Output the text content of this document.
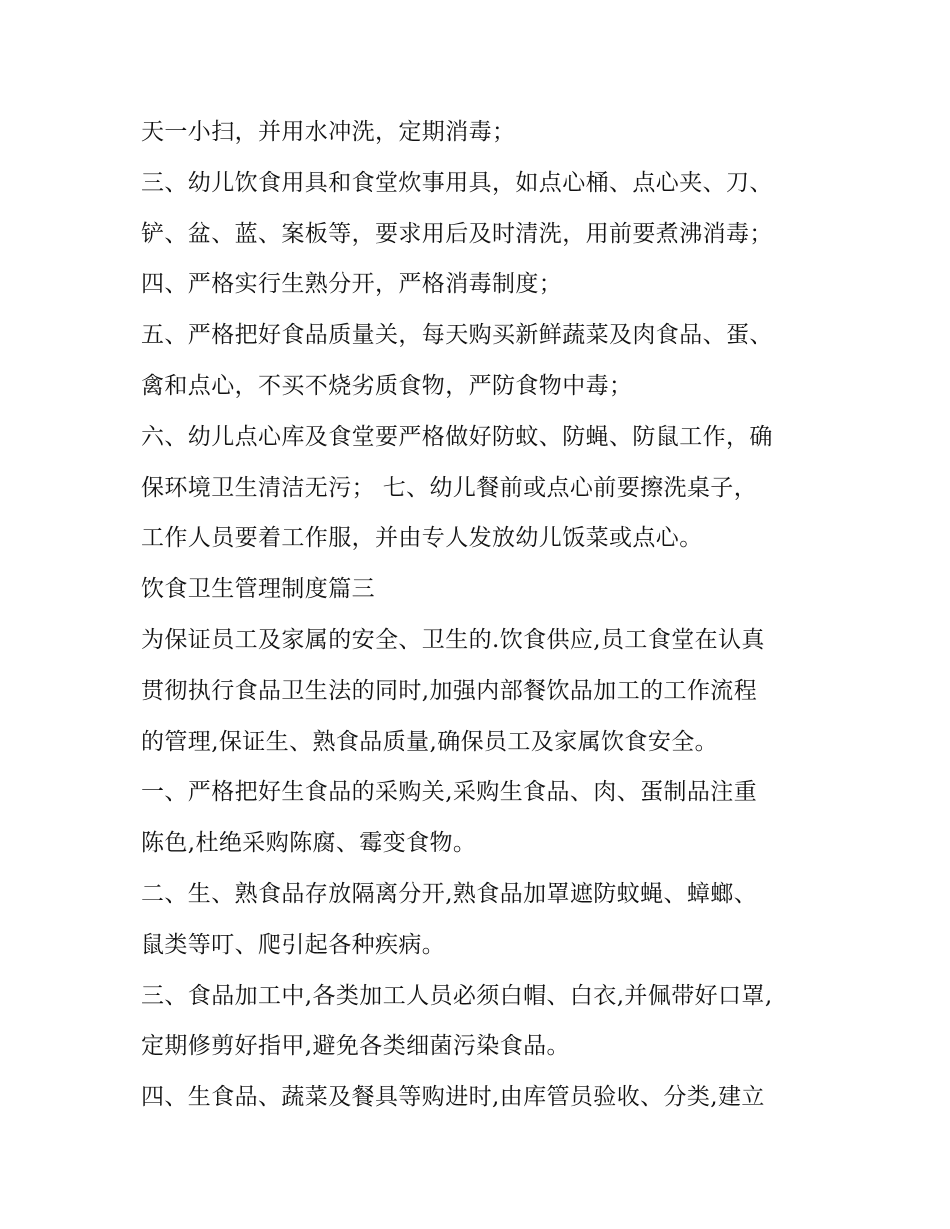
天一小扫，并用水冲洗，定期消毒；
三、幼儿饮食用具和食堂炊事用具，如点心桶、点心夹、刀、
铲、盆、蓝、案板等，要求用后及时清洗，用前要煮沸消毒；
四、严格实行生熟分开，严格消毒制度；
五、严格把好食品质量关，每天购买新鲜蔬菜及肉食品、蛋、
禽和点心，不买不烧劣质食物，严防食物中毒；
六、幼儿点心库及食堂要严格做好防蚊、防蝇、防鼠工作，确
保环境卫生清洁无污； 七、幼儿餐前或点心前要擦洗桌子，
工作人员要着工作服，并由专人发放幼儿饭菜或点心。
饮食卫生管理制度篇三
为保证员工及家属的安全、卫生的.饮食供应,员工食堂在认真
贯彻执行食品卫生法的同时,加强内部餐饮品加工的工作流程
的管理,保证生、熟食品质量,确保员工及家属饮食安全。
一、严格把好生食品的采购关,采购生食品、肉、蛋制品注重
陈色,杜绝采购陈腐、霉变食物。
二、生、熟食品存放隔离分开,熟食品加罩遮防蚊蝇、蟑螂、
鼠类等叮、爬引起各种疾病。
三、食品加工中,各类加工人员必须白帽、白衣,并佩带好口罩,
定期修剪好指甲,避免各类细菌污染食品。
四、生食品、蔬菜及餐具等购进时,由库管员验收、分类,建立
